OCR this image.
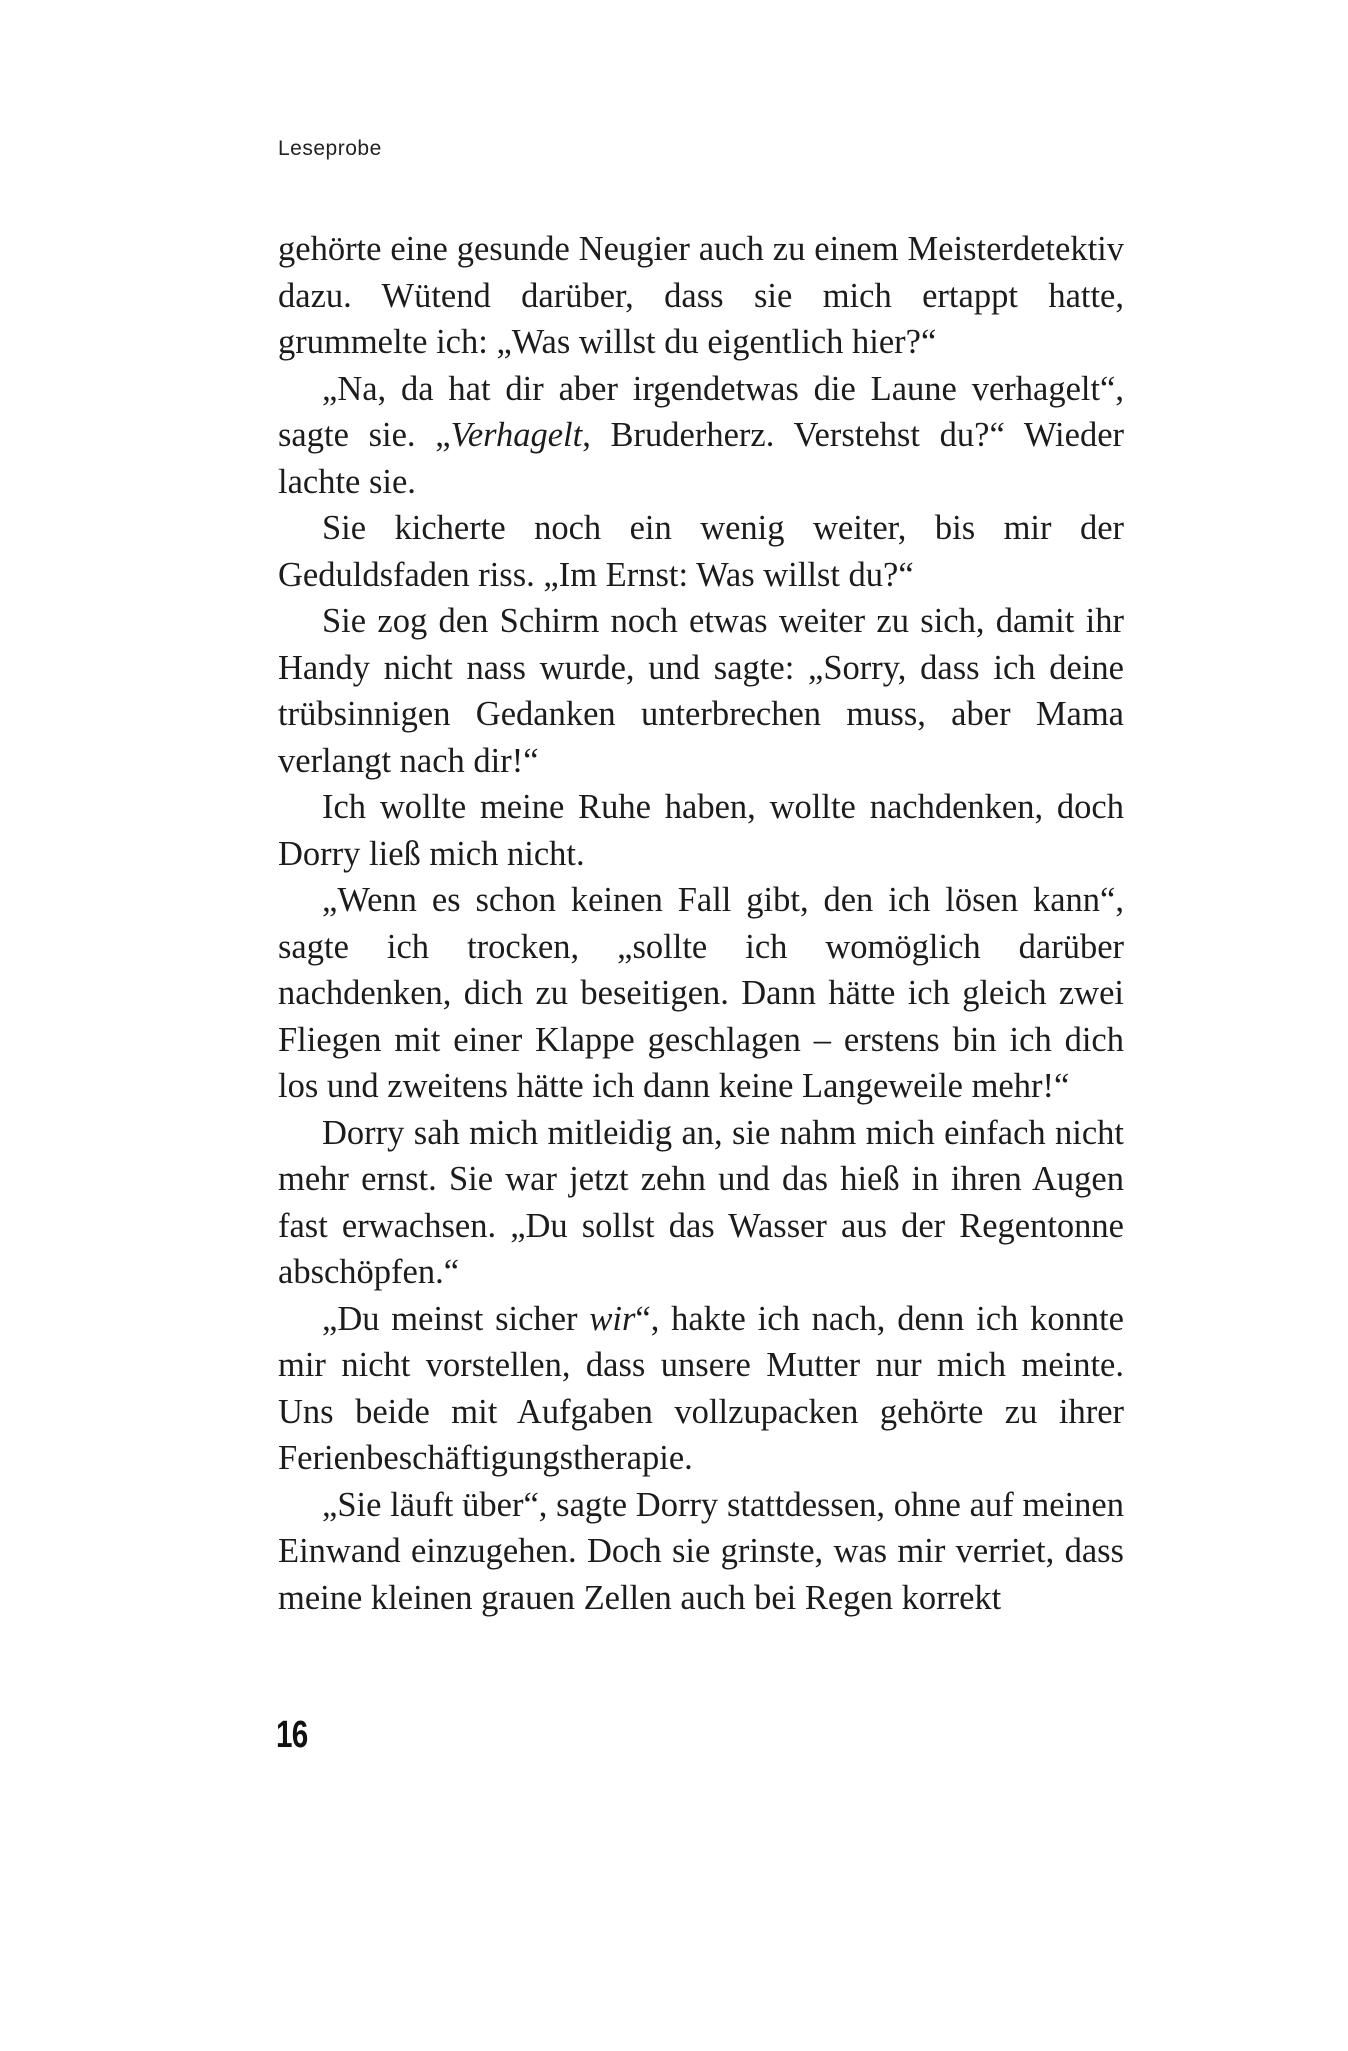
Leseprobe

gehörte eine gesunde Neugier auch zu einem Meisterdetektiv dazu. Wütend darüber, dass sie mich ertappt hatte, grummelte ich: „Was willst du eigentlich hier?“

„Na, da hat dir aber irgendetwas die Laune verhagelt“, sagte sie. „Verhagelt, Bruderherz. Verstehst du?“ Wieder lachte sie.

Sie kicherte noch ein wenig weiter, bis mir der Geduldsfaden riss. „Im Ernst: Was willst du?“

Sie zog den Schirm noch etwas weiter zu sich, damit ihr Handy nicht nass wurde, und sagte: „Sorry, dass ich deine trübsinnigen Gedanken unterbrechen muss, aber Mama verlangt nach dir!“

Ich wollte meine Ruhe haben, wollte nachdenken, doch Dorry ließ mich nicht.

„Wenn es schon keinen Fall gibt, den ich lösen kann“, sagte ich trocken, „sollte ich womöglich darüber nachdenken, dich zu beseitigen. Dann hätte ich gleich zwei Fliegen mit einer Klappe geschlagen – erstens bin ich dich los und zweitens hätte ich dann keine Langeweile mehr!“

Dorry sah mich mitleidig an, sie nahm mich einfach nicht mehr ernst. Sie war jetzt zehn und das hieß in ihren Augen fast erwachsen. „Du sollst das Wasser aus der Regentonne abschöpfen.“

„Du meinst sicher wir“, hakte ich nach, denn ich konnte mir nicht vorstellen, dass unsere Mutter nur mich meinte. Uns beide mit Aufgaben vollzupacken gehörte zu ihrer Ferienbeschäftigungstherapie.

„Sie läuft über“, sagte Dorry stattdessen, ohne auf meinen Einwand einzugehen. Doch sie grinste, was mir verriet, dass meine kleinen grauen Zellen auch bei Regen korrekt

16
